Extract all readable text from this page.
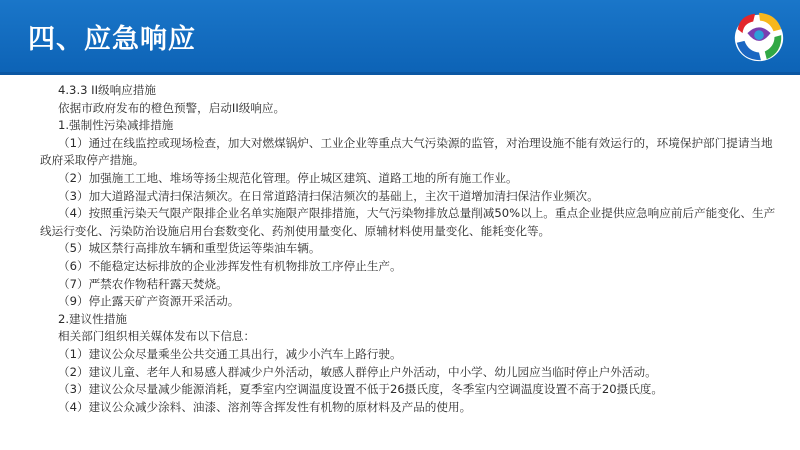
四、应急响应
4.3.3 II级响应措施
依据市政府发布的橙色预警，启动II级响应。
1.强制性污染减排措施
（1）通过在线监控或现场检查，加大对燃煤锅炉、工业企业等重点大气污染源的监管，对治理设施不能有效运行的，环境保护部门提请当地政府采取停产措施。
（2）加强施工工地、堆场等扬尘规范化管理。停止城区建筑、道路工地的所有施工作业。
（3）加大道路湿式清扫保洁频次。在日常道路清扫保洁频次的基础上，主次干道增加清扫保洁作业频次。
（4）按照重污染天气限产限排企业名单实施限产限排措施，大气污染物排放总量削减50%以上。重点企业提供应急响应前后产能变化、生产线运行变化、污染防治设施启用台套数变化、药剂使用量变化、原辅材料使用量变化、能耗变化等。
（5）城区禁行高排放车辆和重型货运等柴油车辆。
（6）不能稳定达标排放的企业涉挥发性有机物排放工序停止生产。
（7）严禁农作物秸秆露天焚烧。
（9）停止露天矿产资源开采活动。
2.建议性措施
相关部门组织相关媒体发布以下信息：
（1）建议公众尽量乘坐公共交通工具出行，减少小汽车上路行驶。
（2）建议儿童、老年人和易感人群减少户外活动，敏感人群停止户外活动，中小学、幼儿园应当临时停止户外活动。
（3）建议公众尽量减少能源消耗，夏季室内空调温度设置不低于26摄氏度，冬季室内空调温度设置不高于20摄氏度。
（4）建议公众减少涂料、油漆、溶剂等含挥发性有机物的原材料及产品的使用。
